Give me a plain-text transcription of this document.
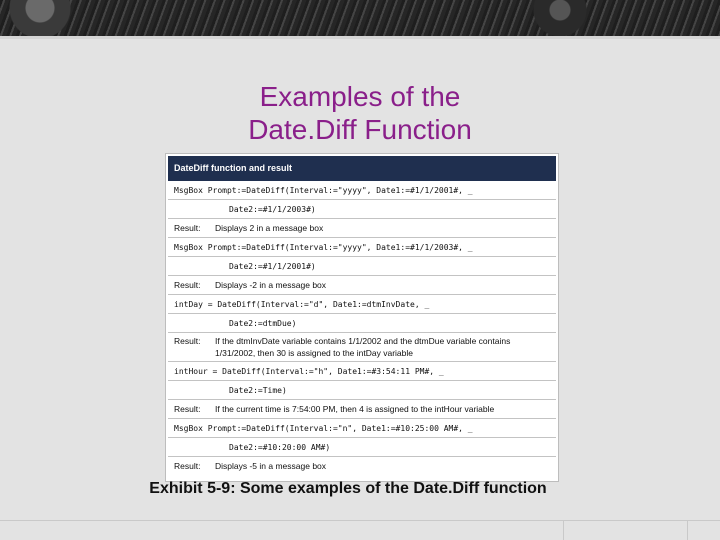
Examples of the
Date.Diff Function
DateDiff function and result
MsgBox Prompt:=DateDiff(Interval:="yyyy", Date1:=#1/1/2001#, _
Date2:=#1/1/2003#)
Result: Displays 2 in a message box
MsgBox Prompt:=DateDiff(Interval:="yyyy", Date1:=#1/1/2003#, _
Date2:=#1/1/2001#)
Result: Displays -2 in a message box
intDay = DateDiff(Interval:="d", Date1:=dtmInvDate, _
Date2:=dtmDue)
Result: If the dtmInvDate variable contains 1/1/2002 and the dtmDue variable contains 1/31/2002, then 30 is assigned to the intDay variable
intHour = DateDiff(Interval:="h", Date1:=#3:54:11 PM#, _
Date2:=Time)
Result: If the current time is 7:54:00 PM, then 4 is assigned to the intHour variable
MsgBox Prompt:=DateDiff(Interval:="n", Date1:=#10:25:00 AM#, _
Date2:=#10:20:00 AM#)
Result: Displays -5 in a message box
Exhibit 5-9: Some examples of the Date.Diff function
